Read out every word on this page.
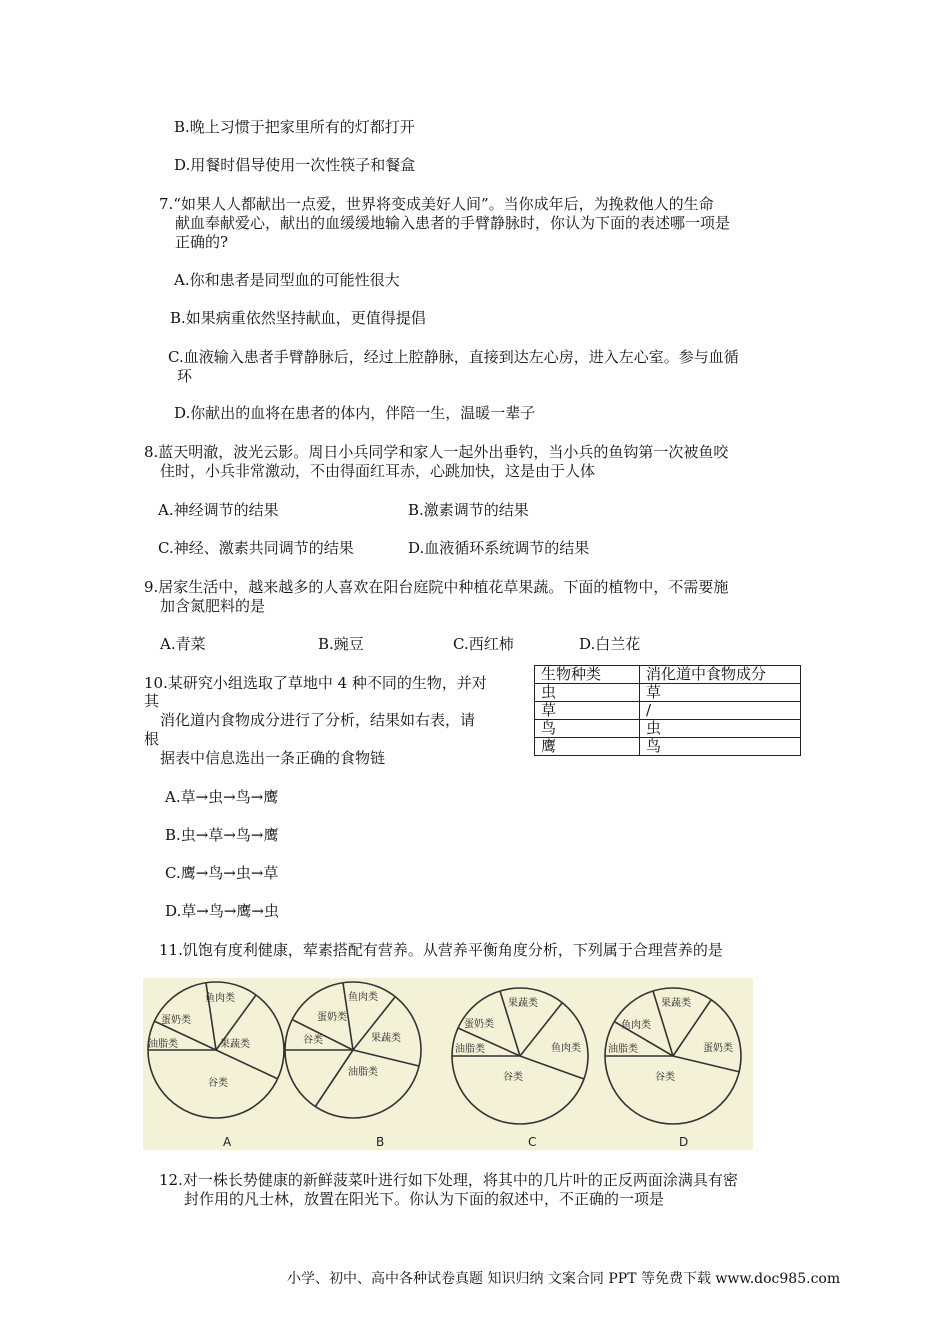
B.晚上习惯于把家里所有的灯都打开
D.用餐时倡导使用一次性筷子和餐盒
7.“如果人人都献出一点爱，世界将变成美好人间”。当你成年后，为挽救他人的生命
献血奉献爱心，献出的血缓缓地输入患者的手臂静脉时，你认为下面的表述哪一项是
正确的?
A.你和患者是同型血的可能性很大
B.如果病重依然坚持献血，更值得提倡
C.血液输入患者手臂静脉后，经过上腔静脉，直接到达左心房，进入左心室。参与血循
环
D.你献出的血将在患者的体内，伴陪一生，温暖一辈子
8.蓝天明澈，波光云影。周日小兵同学和家人一起外出垂钓，当小兵的鱼钩第一次被鱼咬
住时，小兵非常激动，不由得面红耳赤，心跳加快，这是由于人体
A.神经调节的结果	B.激素调节的结果
C.神经、激素共同调节的结果	D.血液循环系统调节的结果
9.居家生活中，越来越多的人喜欢在阳台庭院中种植花草果蔬。下面的植物中，不需要施
加含氮肥料的是
A.青菜	B.豌豆	C.西红柿	D.白兰花
10.某研究小组选取了草地中 4 种不同的生物，并对
其
消化道内食物成分进行了分析，结果如右表，请
根
据表中信息选出一条正确的食物链
生物种类	消化道中食物成分
虫	草
草	/
鸟	虫
鹰	鸟
A.草→虫→鸟→鹰
B.虫→草→鸟→鹰
C.鹰→鸟→虫→草
D.草→鸟→鹰→虫
11.饥饱有度利健康，荤素搭配有营养。从营养平衡角度分析，下列属于合理营养的是
鱼肉类
蛋奶类
油脂类	果蔬类
谷类
A
鱼肉类
蛋奶类
谷类	果蔬类
油脂类
B
果蔬类
蛋奶类
油脂类	鱼肉类
谷类
C
果蔬类
鱼肉类
油脂类	蛋奶类
谷类
D
12.对一株长势健康的新鲜菠菜叶进行如下处理，将其中的几片叶的正反两面涂满具有密
封作用的凡士林，放置在阳光下。你认为下面的叙述中，不正确的一项是
小学、初中、高中各种试卷真题 知识归纳 文案合同 PPT 等免费下载 www.doc985.com
